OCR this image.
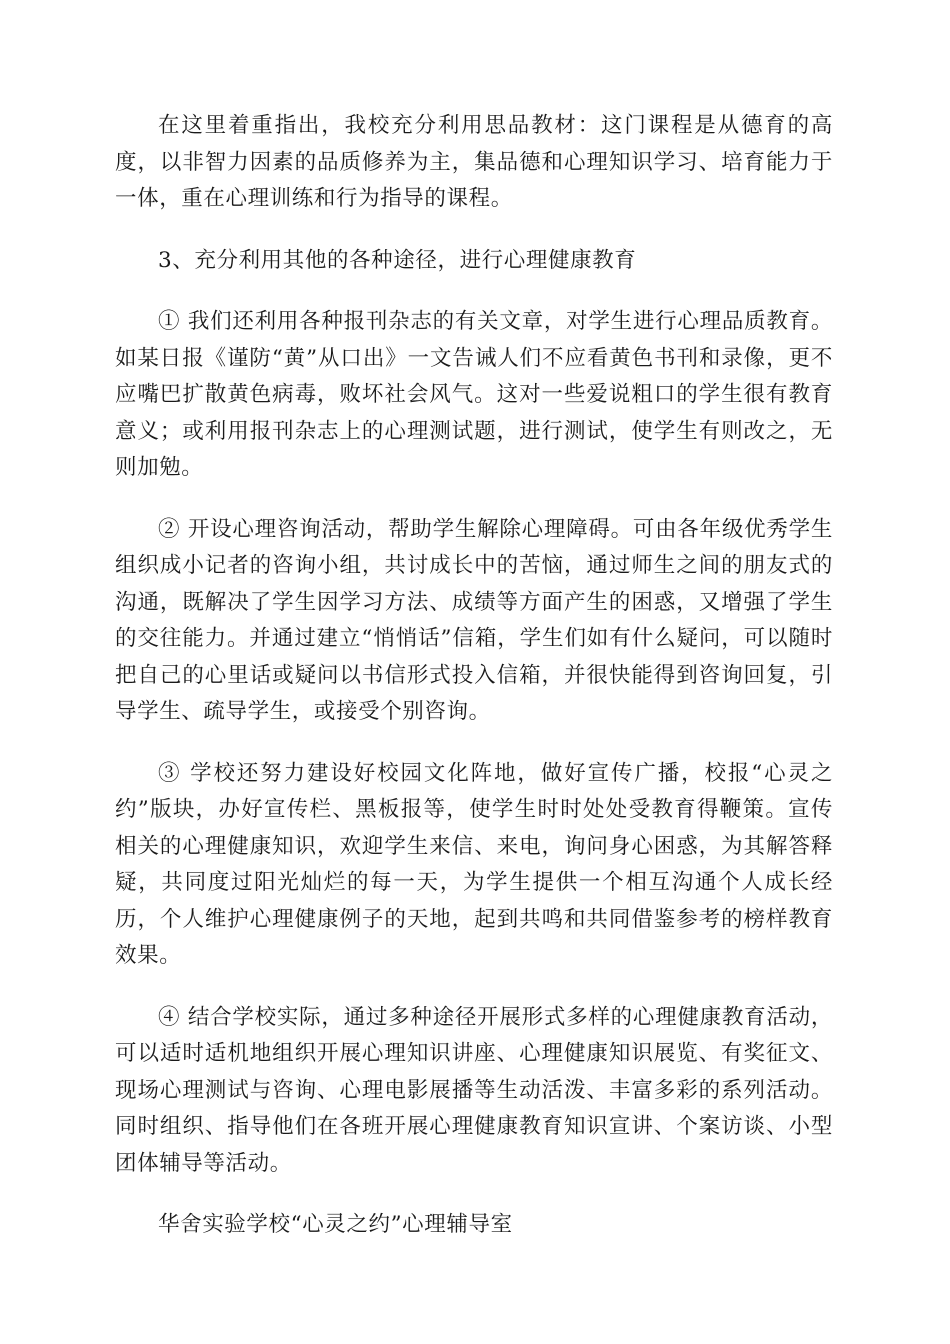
在这里着重指出，我校充分利用思品教材：这门课程是从德育的高度，以非智力因素的品质修养为主，集品德和心理知识学习、培育能力于一体，重在心理训练和行为指导的课程。

3、充分利用其他的各种途径，进行心理健康教育

① 我们还利用各种报刊杂志的有关文章，对学生进行心理品质教育。如某日报《谨防“黄”从口出》一文告诫人们不应看黄色书刊和录像，更不应嘴巴扩散黄色病毒，败坏社会风气。这对一些爱说粗口的学生很有教育意义；或利用报刊杂志上的心理测试题，进行测试，使学生有则改之，无则加勉。

② 开设心理咨询活动，帮助学生解除心理障碍。可由各年级优秀学生组织成小记者的咨询小组，共讨成长中的苦恼，通过师生之间的朋友式的沟通，既解决了学生因学习方法、成绩等方面产生的困惑，又增强了学生的交往能力。并通过建立“悄悄话”信箱，学生们如有什么疑问，可以随时把自己的心里话或疑问以书信形式投入信箱，并很快能得到咨询回复，引导学生、疏导学生，或接受个别咨询。

③ 学校还努力建设好校园文化阵地，做好宣传广播，校报“心灵之约”版块，办好宣传栏、黑板报等，使学生时时处处受教育得鞭策。宣传相关的心理健康知识，欢迎学生来信、来电，询问身心困惑，为其解答释疑，共同度过阳光灿烂的每一天，为学生提供一个相互沟通个人成长经历，个人维护心理健康例子的天地，起到共鸣和共同借鉴参考的榜样教育效果。

④ 结合学校实际，通过多种途径开展形式多样的心理健康教育活动，可以适时适机地组织开展心理知识讲座、心理健康知识展览、有奖征文、现场心理测试与咨询、心理电影展播等生动活泼、丰富多彩的系列活动。同时组织、指导他们在各班开展心理健康教育知识宣讲、个案访谈、小型团体辅导等活动。

华舍实验学校“心灵之约”心理辅导室
